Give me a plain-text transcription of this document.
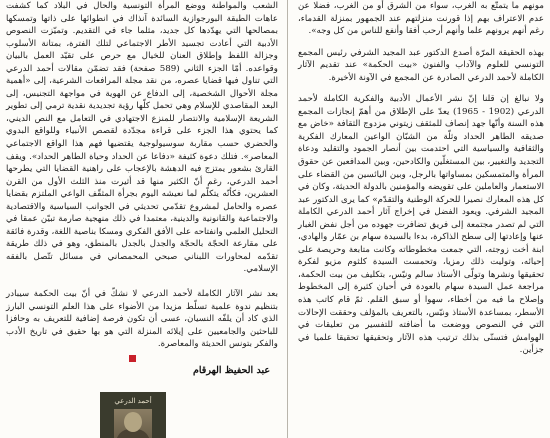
مونهم ما يتمتّع به الغرب، سواء من الشرق أو من الغرب، فضلا عن عدم الاعتراف بهم إذا قورنت منزلتهم عند الجمهور بمنزلة القدماء، رغم أنهم يرونهم علما وأنهم أرحب أفقا وأنفع للناس من كل وجه».

بهذه الحقيقة المرّة أصدع الدكتور عبد المجيد الشرفي رئيس المجمع التونسي للعلوم والآداب والفنون «بيت الحكمة» عند تقديم الآثار الكاملة لأحمد الدرعي الصادرة عن المجمع في الآونة الأخيرة.

ولا نبالغ إن قلنا إنّ نشر الأعمال الأدبية والفكرية الكاملة لأحمد الدرعي (1902 - 1965) يعدّ على الإطلاق من أهمّ إنجازات المجمع هذه السنة وأنّها جهد إنصاف للمثقف زيتوني مزدوج الثقافة «خاض مع صديقه الطاهر الحداد وثلّة من الشبّان الواعين المعارك الفكرية والثقافية والسياسية التي احتدمت بين أنصار الجمود والتقليد ودعاة التجديد والتغيير، بين المستغلّين والكادحين، وبين المدافعين عن حقوق المرأة والمتمسكين بمساواتها بالرجل، وبين اليائسين من القضاء على الاستعمار والعاملين على تقويضه والمؤمنين بالدولة الحديثة، وكان في كل هذه المعارك نصيرا للحركة الوطنية والتقدّم» كما يرى الدكتور عبد المجيد الشرفي. ويعود الفضل في إخراج آثار أحمد الدرعي الكاملة التي لم تصدر مجتمعة إلى فريق تضافرت جهوده من أجل نفض الغبار عنها وإعادتها إلى سطح الذاكرة، بدءا بالسيدة سهام بن عمّار والهادي، ابنة أخت زوجته، التي جمعت مخطوطاته وكانت متابعة وحريصة على إحيائه، وتوليت ذلك رمزيا، وتحمست السيدة كلثوم مزيو لفكرة تحقيقها ونشرها وتولّى الأستاذ سالم ونيّس، بتكليف من بيت الحكمة، مراجعة عمل السيدة سهام بالعودة في أحيان كثيرة إلى المخطوط وإصلاح ما فيه من أخطاء، سهوا أو سبق القلم. ثمّ قام كاتب هذه الأسطر، بمساعدة الأستاذ ونيّس، بالتعريف بالمؤلف وحققت الإحالات التي في النصوص ووضعت ما أضافته للتفسير من تعليقات في الهوامش فتسنّى بذلك ترتيب هذه الآثار وتحقيقها تحقيقا علميا في جزأين.

الشعب والمواطنة ووضع المرأة التونسية والحال في البلاد كما كشفت عاهات الطبقة البورجوازية السائدة آنذاك في انطوائها على ذاتها وتمسكها بمصالحها التي يهدّدها كل جديد، مثلما جاء في التقديم. وتميّزت النصوص الأدبية التي أعادت تجسيد الأطر الاجتماعي لتلك الفترة، بمتانة الأسلوب وجزالة اللفظ وإطلاق العنان للخيال مع حرص على تقيّد العمل بالبيان وقواعده. أمّا الجزء الثاني (589 صفحة) فقد تضمّن مقالات أحمد الدرعي التي تناول فيها قضايا عصره، من نقد مجلة المرافعات الشرعية، إلى «أهمية مجلة الأحوال الشخصية، إلى الدفاع عن الهوية في مواجهة التجنيس، إلى البعد المقاصدي للإسلام وهي تحمل كلّها رؤية تجديدية نقدية ترمي إلى تطوير الشريعة الإسلامية والانتصار للمنزع الاجتهادي في التعامل مع النص الديني، كما يحتوي هذا الجزء على قراءة مجدّدة لقصص الأنبياء وللواقع البدوي والحضري حسب مقاربة سوسيولوجية يقتضيها فهم هذا الواقع الاجتماعي المعاصر». فتلك دعوة كثيفة «دفاعا عن الحداد وحياة الطاهر الحداد». ويقف القارئ بشعور يمتزج فيه الدهشة بالإعجاب على راهنية القضايا التي يطرحها أحمد الدرعي، رغم أنّ الكثير منها قد أثيرت منذ الثلث الأول من القرن العشرين، فكأنّه يتكلّم لما نعيشه اليوم بجرأة المثقّف الواعي الملتزم بقضايا عصره والحامل لمشروع تقدّمي تحديثي في الجوانب السياسية والاقتصادية والاجتماعية والقانونية والدينية، معتمدا في ذلك منهجية صارمة تبيّن عمقا في التحليل العلمي وانفتاحه على الأفق الفكري ومسكا بناصية اللغة، وقدرة فائقة على مقارعة الحجّة بالحجّة والجدل بالجدل بالمنطق، وهو في ذلك طريقة تقدّمه لمحاورات اللبناني صبحي المحمصاني في مسائل تتّصل بالفقه الإسلامي.

بعد نشر الآثار الكاملة لأحمد الدرعي لا نشكّ في أنّ بيت الحكمة سيبادر بتنظيم ندوة علمية تسلّط مزيدا من الأضواء على هذا العلم التونسي البارز الذي كاد أن يلفّه النسيان، عسى أن تكون فرصة إضافية للتعريف به وحافزا للباحثين والجامعيين على إيلائه المنزلة التي هو بها حقيق في تاريخ الأدب والفكر بتونس الحديثة والمعاصرة.

عبد الحفيظ الهرقام
أحمد الدرعي
